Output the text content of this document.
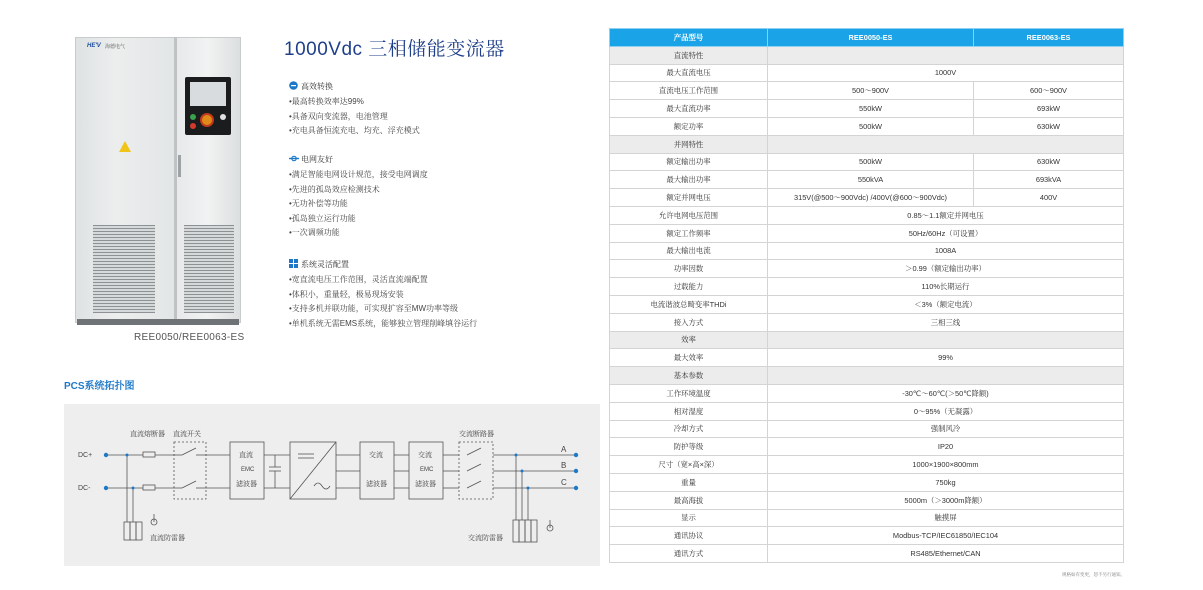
HE'V 海德电气
REE0050/REE0063-ES
1000Vdc 三相储能变流器
高效转换
•最高转换效率达99%
•具备双向变流器，电池管理
•充电具备恒流充电、均充、浮充模式
电网友好
•满足智能电网设计规范，接受电网调度
•先进的孤岛效应检测技术
•无功补偿等功能
•孤岛独立运行功能
•一次调频功能
系统灵活配置
•宽直流电压工作范围，灵活直流端配置
•体积小，重量轻，极易现场安装
•支持多机并联功能，可实现扩容至MW功率等级
•单机系统无需EMS系统，能够独立管理削峰填谷运行
PCS系统拓扑图
直流熔断器 直流开关	交流断路器
DC+
DC-
直流
EMC
滤波器
交流
滤波器
交流
EMC
滤波器
A
B
C
直流防雷器	交流防雷器
产品型号	REE0050-ES	REE0063-ES
直流特性		
最大直流电压	1000V	
直流电压工作范围	500～900V	600～900V
最大直流功率	550kW	693kW
额定功率	500kW	630kW
并网特性		
额定输出功率	500kW	630kW
最大输出功率	550kVA	693kVA
额定并网电压	315V(@500～900Vdc) /400V(@600～900Vdc)	400V
允许电网电压范围	0.85～1.1额定并网电压	
额定工作频率	50Hz/60Hz（可设置）	
最大输出电流	1008A	
功率因数	＞0.99（额定输出功率）	
过载能力	110%长期运行	
电流谐波总畸变率THDi	＜3%（额定电流）	
接入方式	三相三线	
效率		
最大效率	99%	
基本参数		
工作环境温度	-30℃～60℃(＞50℃降额)	
相对湿度	0～95%（无凝露）	
冷却方式	强制风冷	
防护等级	IP20	
尺寸（宽×高×深）	1000×1900×800mm	
重量	750kg	
最高海拔	5000m（＞3000m降额）	
显示	触摸屏	
通讯协议	Modbus-TCP/IEC61850/IEC104	
通讯方式	RS485/Ethernet/CAN	
规格如有变更，恕不另行通知。
